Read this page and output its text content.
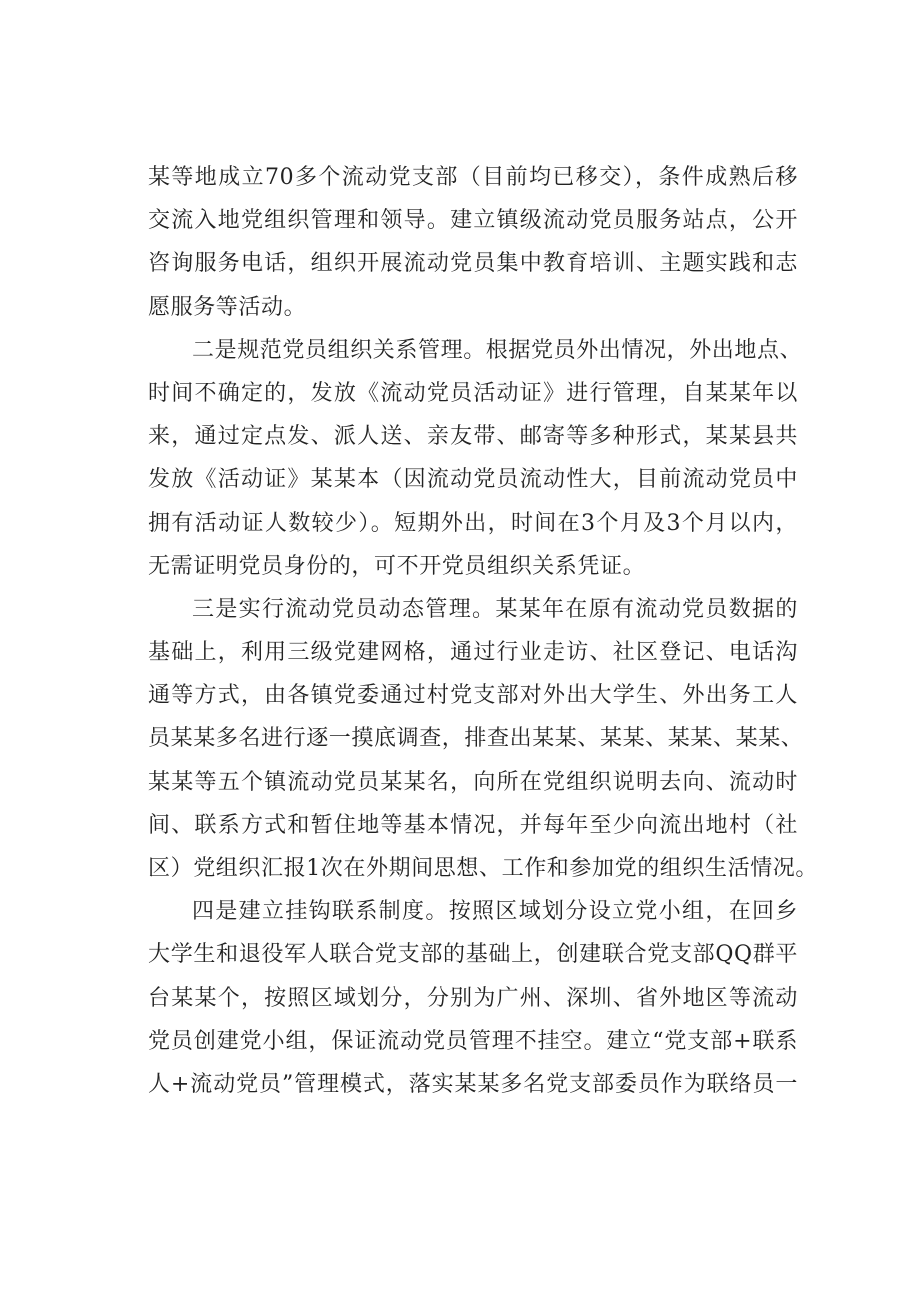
某等地成立70多个流动党支部（目前均已移交），条件成熟后移
交流入地党组织管理和领导。建立镇级流动党员服务站点，公开
咨询服务电话，组织开展流动党员集中教育培训、主题实践和志
愿服务等活动。
二是规范党员组织关系管理。根据党员外出情况，外出地点、
时间不确定的，发放《流动党员活动证》进行管理，自某某年以
来，通过定点发、派人送、亲友带、邮寄等多种形式，某某县共
发放《活动证》某某本（因流动党员流动性大，目前流动党员中
拥有活动证人数较少）。短期外出，时间在3个月及3个月以内，
无需证明党员身份的，可不开党员组织关系凭证。
三是实行流动党员动态管理。某某年在原有流动党员数据的
基础上，利用三级党建网格，通过行业走访、社区登记、电话沟
通等方式，由各镇党委通过村党支部对外出大学生、外出务工人
员某某多名进行逐一摸底调查，排查出某某、某某、某某、某某、
某某等五个镇流动党员某某名，向所在党组织说明去向、流动时
间、联系方式和暂住地等基本情况，并每年至少向流出地村（社
区）党组织汇报1次在外期间思想、工作和参加党的组织生活情况。
四是建立挂钩联系制度。按照区域划分设立党小组，在回乡
大学生和退役军人联合党支部的基础上，创建联合党支部QQ群平
台某某个，按照区域划分，分别为广州、深圳、省外地区等流动
党员创建党小组，保证流动党员管理不挂空。建立“党支部+联系
人+流动党员”管理模式，落实某某多名党支部委员作为联络员一
